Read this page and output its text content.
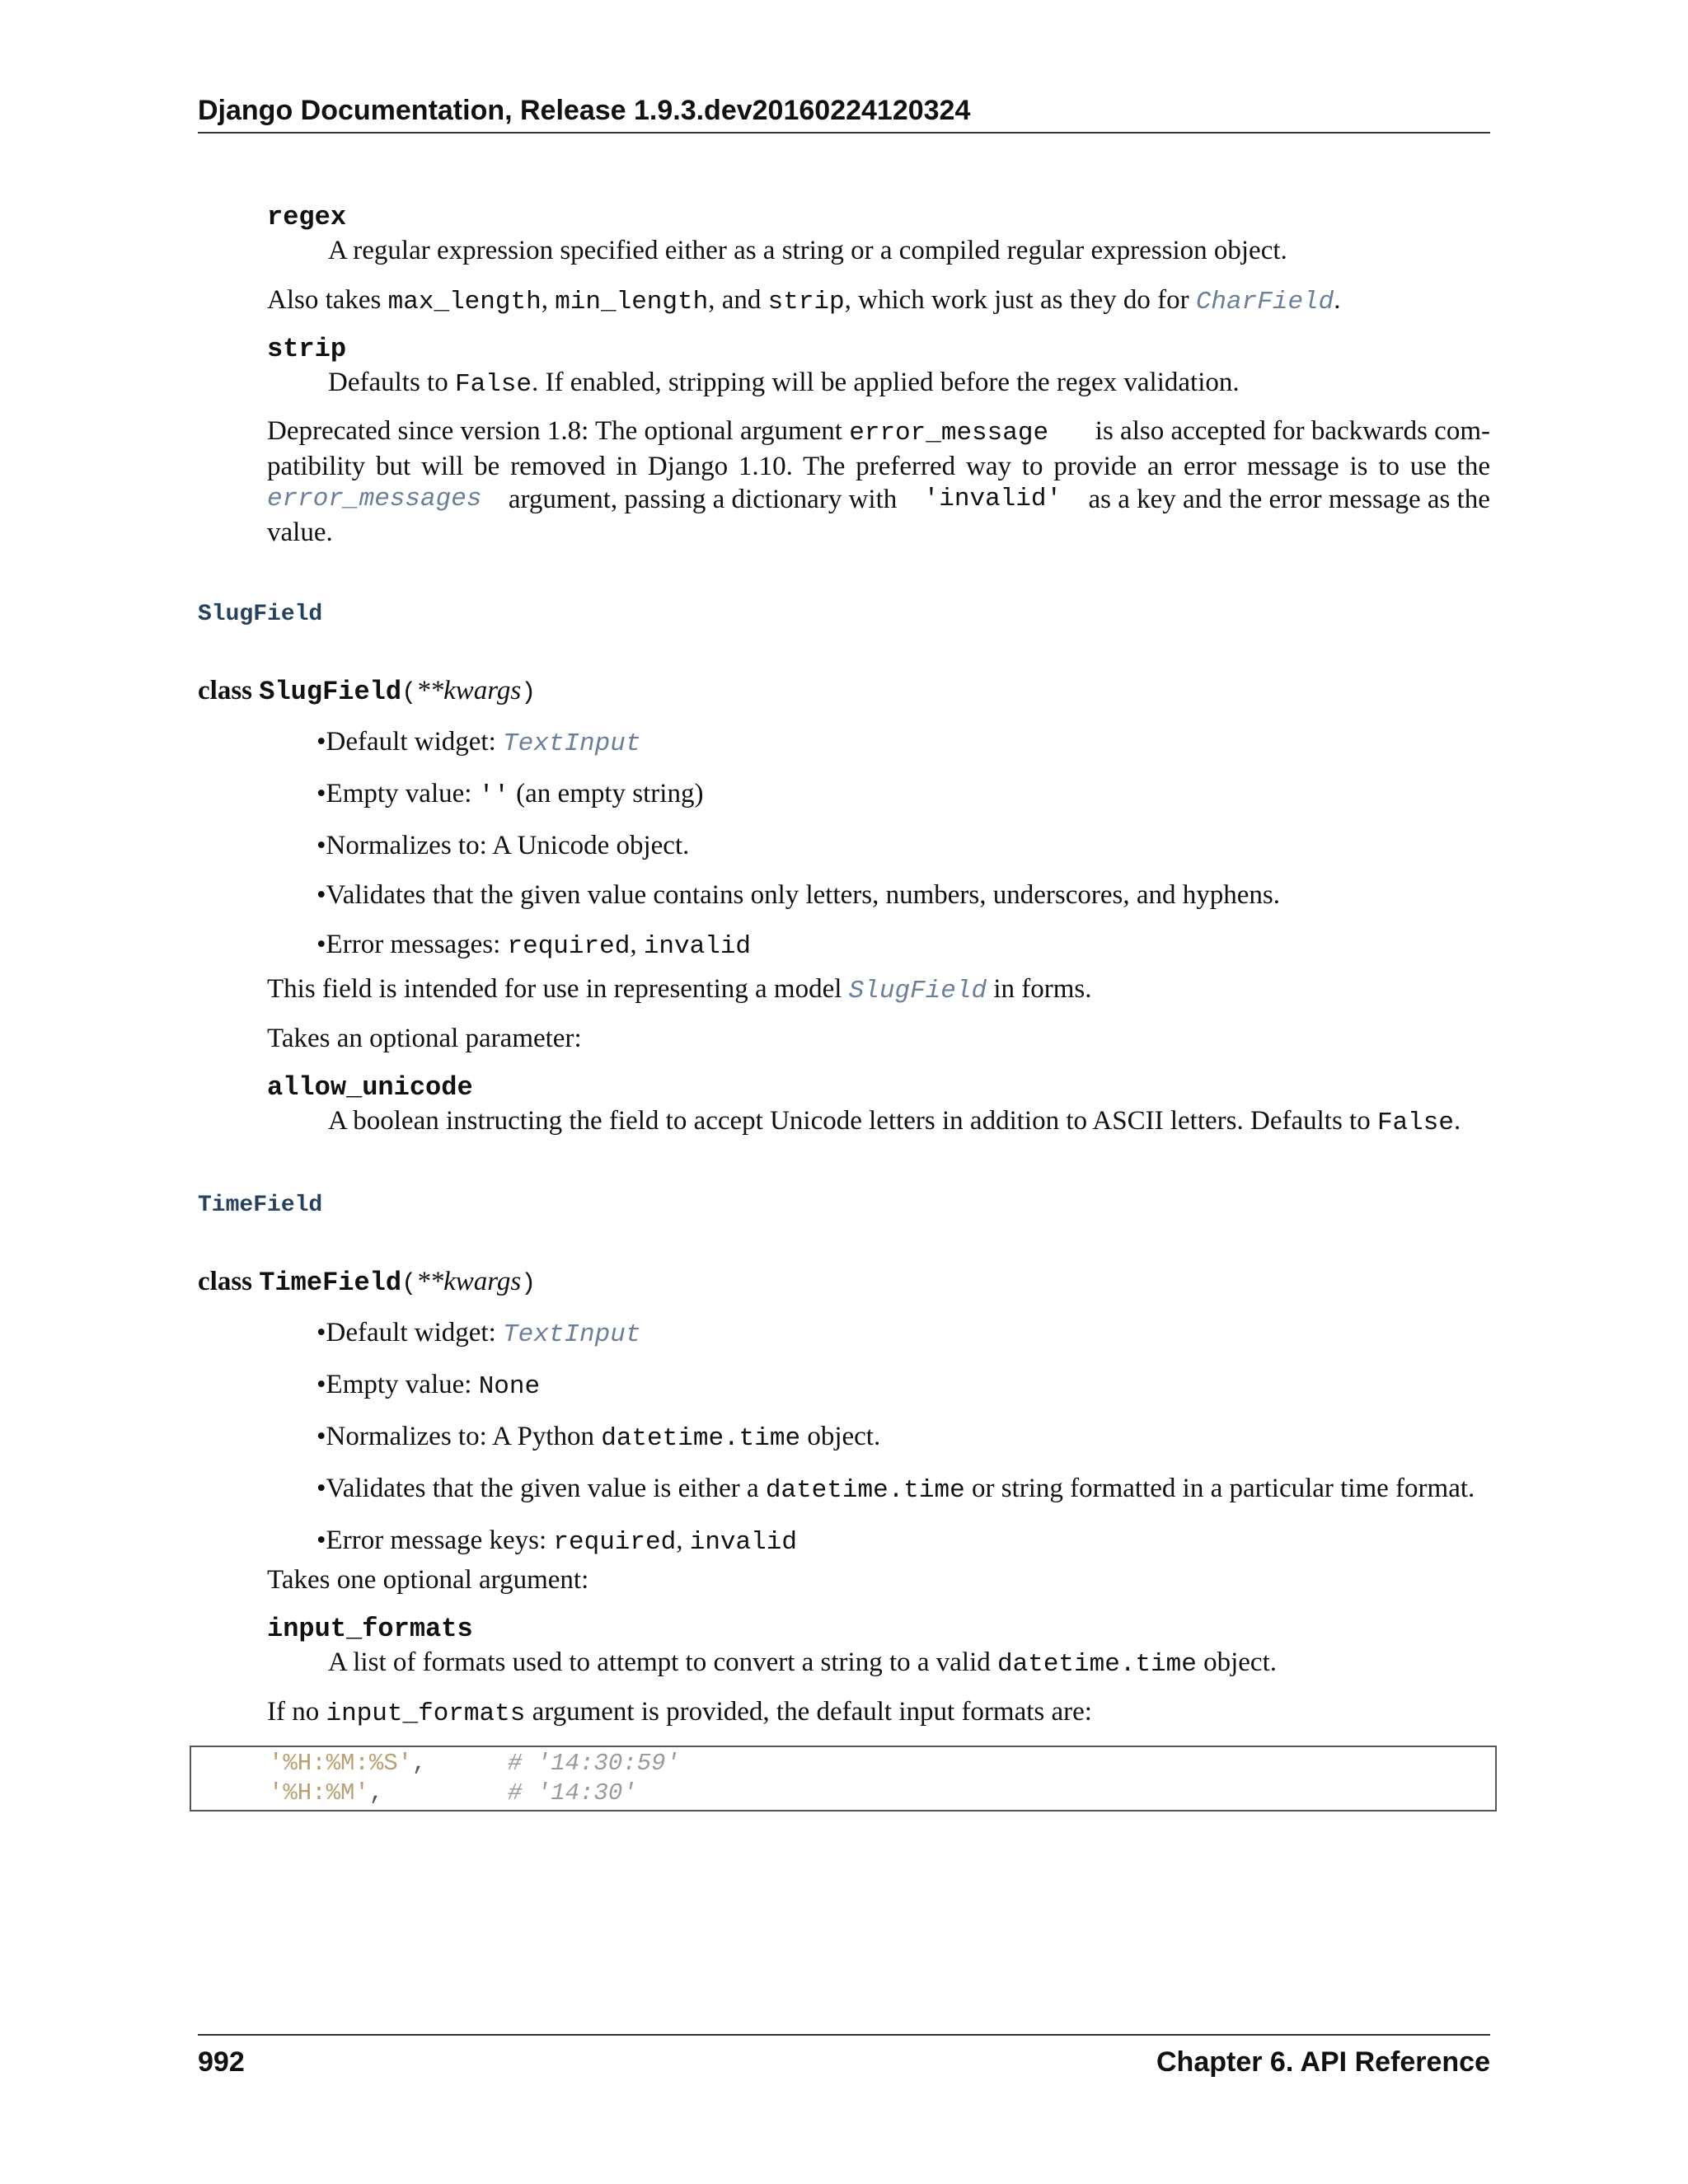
Django Documentation, Release 1.9.3.dev20160224120324
regex
A regular expression specified either as a string or a compiled regular expression object.
Also takes max_length, min_length, and strip, which work just as they do for CharField.
strip
Defaults to False. If enabled, stripping will be applied before the regex validation.
Deprecated since version 1.8: The optional argument error_message is also accepted for backwards com-
patibility but will be removed in Django 1.10. The preferred way to provide an error message is to use the
error_messages argument, passing a dictionary with 'invalid' as a key and the error message as the
value.
SlugField
class SlugField(**kwargs)
•Default widget: TextInput
•Empty value: '' (an empty string)
•Normalizes to: A Unicode object.
•Validates that the given value contains only letters, numbers, underscores, and hyphens.
•Error messages: required, invalid
This field is intended for use in representing a model SlugField in forms.
Takes an optional parameter:
allow_unicode
A boolean instructing the field to accept Unicode letters in addition to ASCII letters. Defaults to False.
TimeField
class TimeField(**kwargs)
•Default widget: TextInput
•Empty value: None
•Normalizes to: A Python datetime.time object.
•Validates that the given value is either a datetime.time or string formatted in a particular time format.
•Error message keys: required, invalid
Takes one optional argument:
input_formats
A list of formats used to attempt to convert a string to a valid datetime.time object.
If no input_formats argument is provided, the default input formats are:
'%H:%M:%S',	# '14:30:59'
'%H:%M',	# '14:30'
992	Chapter 6. API Reference
